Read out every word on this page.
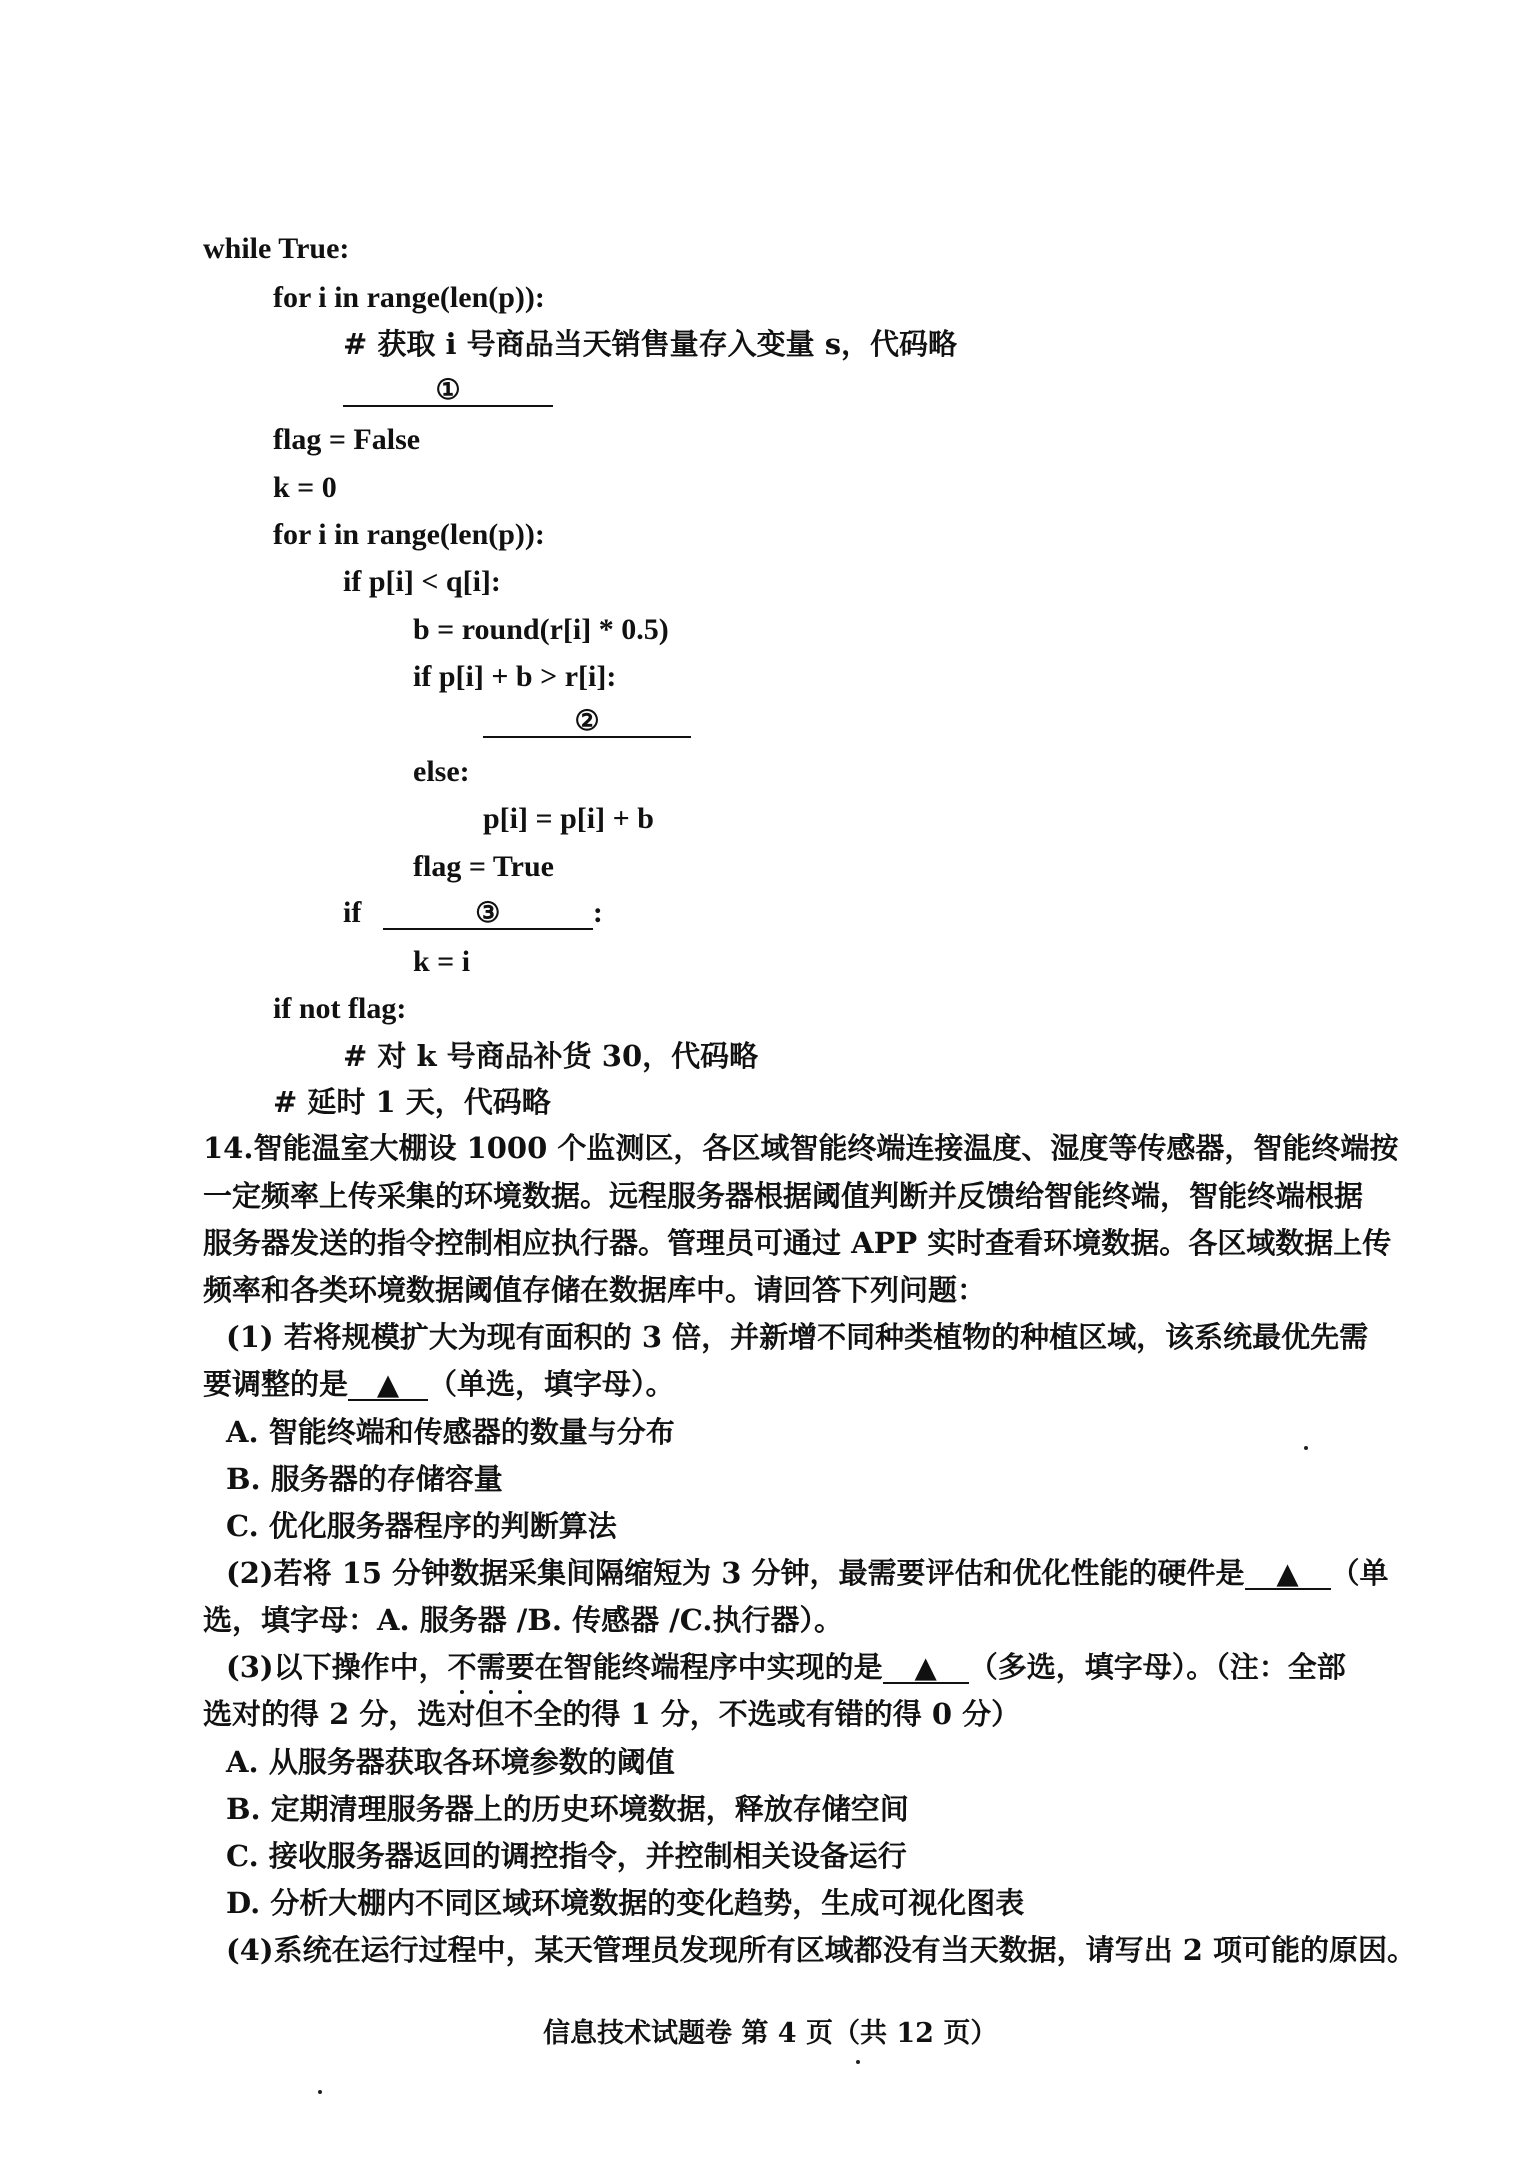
while True:
for i in range(len(p)):
# 获取 i 号商品当天销售量存入变量 s，代码略
①
flag = False
k = 0
for i in range(len(p)):
if p[i] < q[i]:
b = round(r[i] * 0.5)
if p[i] + b > r[i]:
②
else:
p[i] = p[i] + b
flag = True
if	③	:
k = i
if not flag:
# 对 k 号商品补货 30，代码略
# 延时 1 天，代码略
14.智能温室大棚设 1000 个监测区，各区域智能终端连接温度、湿度等传感器，智能终端按
一定频率上传采集的环境数据。远程服务器根据阈值判断并反馈给智能终端，智能终端根据
服务器发送的指令控制相应执行器。管理员可通过 APP 实时查看环境数据。各区域数据上传
频率和各类环境数据阈值存储在数据库中。请回答下列问题：
(1) 若将规模扩大为现有面积的 3 倍，并新增不同种类植物的种植区域，该系统最优先需
要调整的是 ▲ （单选，填字母）。
A. 智能终端和传感器的数量与分布
B. 服务器的存储容量
C. 优化服务器程序的判断算法
(2)若将 15 分钟数据采集间隔缩短为 3 分钟，最需要评估和优化性能的硬件是 ▲ （单
选，填字母：A. 服务器 /B. 传感器 /C.执行器）。
(3)以下操作中，不需要在智能终端程序中实现的是 ▲ （多选，填字母）。（注：全部
选对的得 2 分，选对但不全的得 1 分，不选或有错的得 0 分）
A. 从服务器获取各环境参数的阈值
B. 定期清理服务器上的历史环境数据，释放存储空间
C. 接收服务器返回的调控指令，并控制相关设备运行
D. 分析大棚内不同区域环境数据的变化趋势，生成可视化图表
(4)系统在运行过程中，某天管理员发现所有区域都没有当天数据，请写出 2 项可能的原因。
信息技术试题卷 第 4 页（共 12 页）
